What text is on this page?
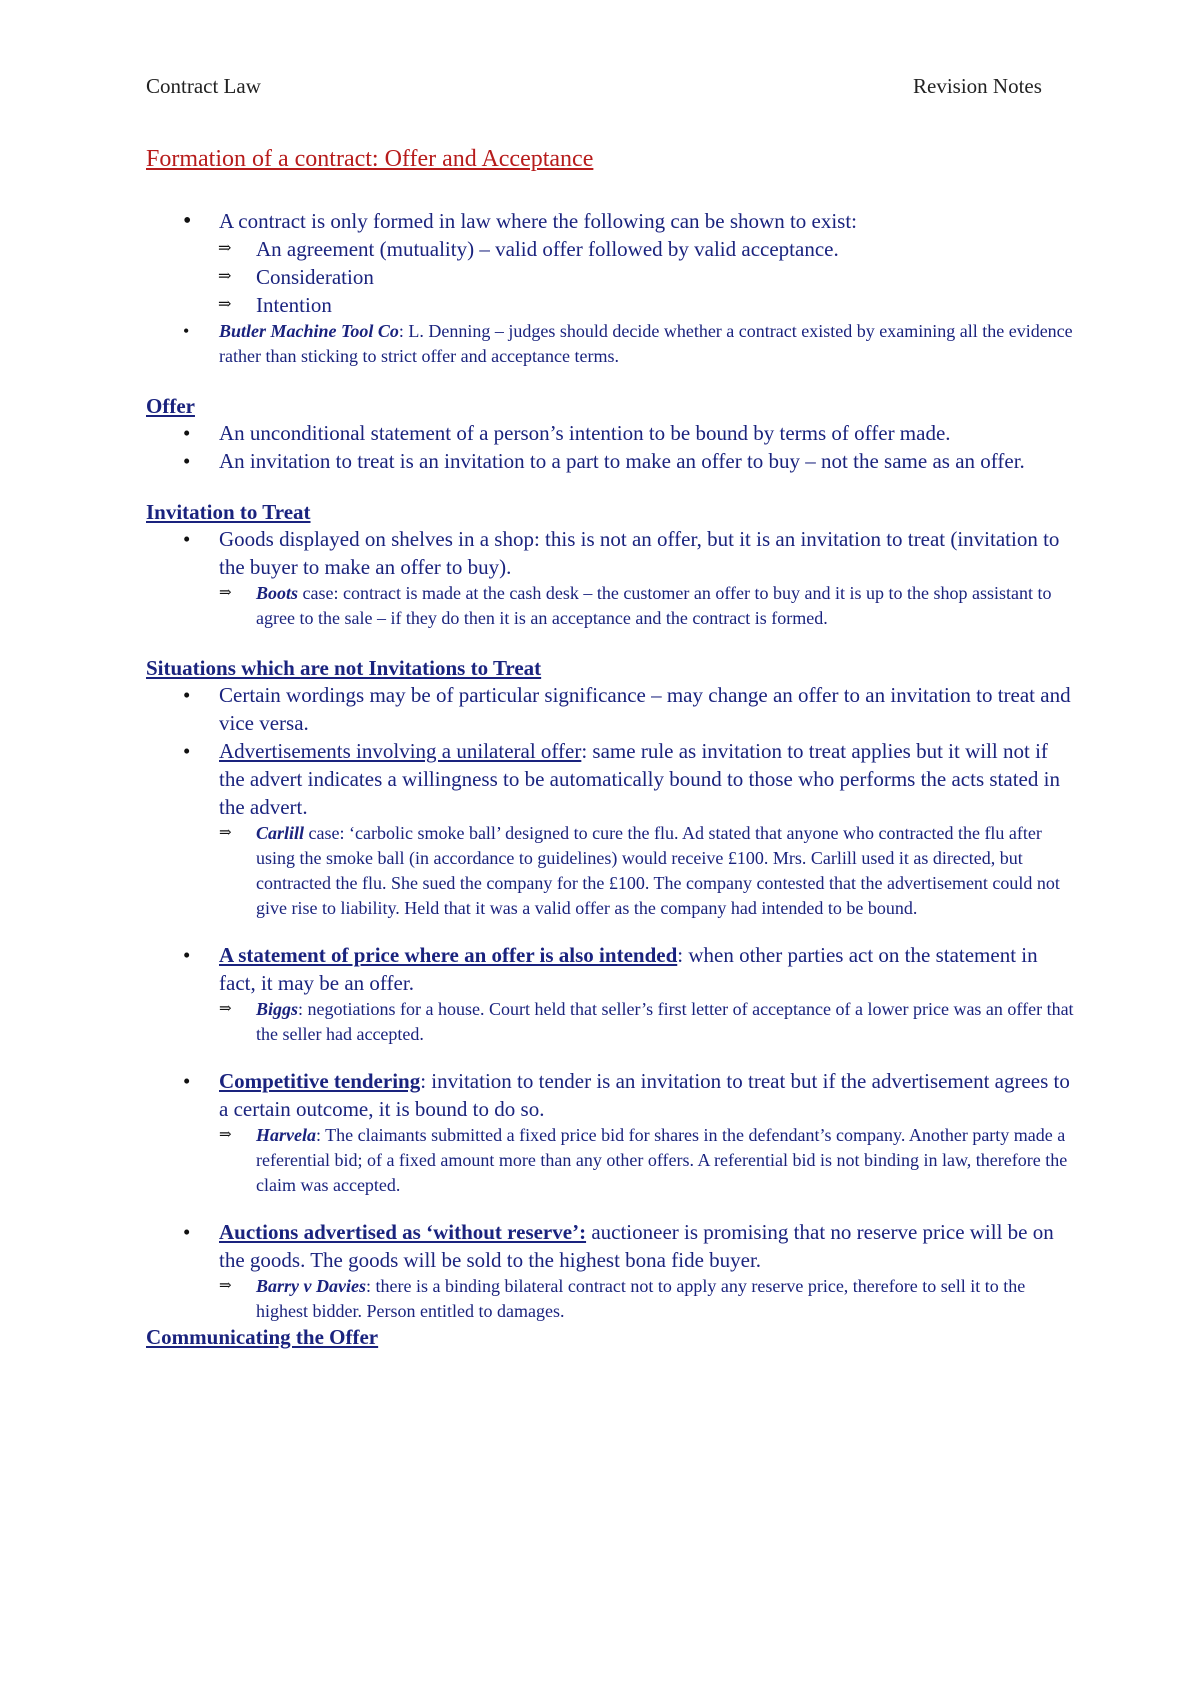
Contract Law	Revision Notes
Formation of a contract: Offer and Acceptance
• A contract is only formed in law where the following can be shown to exist:
⇒ An agreement (mutuality) – valid offer followed by valid acceptance.
⇒ Consideration
⇒ Intention
• Butler Machine Tool Co: L. Denning – judges should decide whether a contract existed by examining all the evidence rather than sticking to strict offer and acceptance terms.
Offer
• An unconditional statement of a person’s intention to be bound by terms of offer made.
• An invitation to treat is an invitation to a part to make an offer to buy – not the same as an offer.
Invitation to Treat
• Goods displayed on shelves in a shop: this is not an offer, but it is an invitation to treat (invitation to the buyer to make an offer to buy).
⇒ Boots case: contract is made at the cash desk – the customer an offer to buy and it is up to the shop assistant to agree to the sale – if they do then it is an acceptance and the contract is formed.
Situations which are not Invitations to Treat
• Certain wordings may be of particular significance – may change an offer to an invitation to treat and vice versa.
• Advertisements involving a unilateral offer: same rule as invitation to treat applies but it will not if the advert indicates a willingness to be automatically bound to those who performs the acts stated in the advert.
⇒ Carlill case: ‘carbolic smoke ball’ designed to cure the flu. Ad stated that anyone who contracted the flu after using the smoke ball (in accordance to guidelines) would receive £100. Mrs. Carlill used it as directed, but contracted the flu. She sued the company for the £100. The company contested that the advertisement could not give rise to liability. Held that it was a valid offer as the company had intended to be bound.
• A statement of price where an offer is also intended: when other parties act on the statement in fact, it may be an offer.
⇒ Biggs: negotiations for a house. Court held that seller’s first letter of acceptance of a lower price was an offer that the seller had accepted.
• Competitive tendering: invitation to tender is an invitation to treat but if the advertisement agrees to a certain outcome, it is bound to do so.
⇒ Harvela: The claimants submitted a fixed price bid for shares in the defendant’s company. Another party made a referential bid; of a fixed amount more than any other offers. A referential bid is not binding in law, therefore the claim was accepted.
• Auctions advertised as ‘without reserve’: auctioneer is promising that no reserve price will be on the goods. The goods will be sold to the highest bona fide buyer.
⇒ Barry v Davies: there is a binding bilateral contract not to apply any reserve price, therefore to sell it to the highest bidder. Person entitled to damages.
Communicating the Offer
